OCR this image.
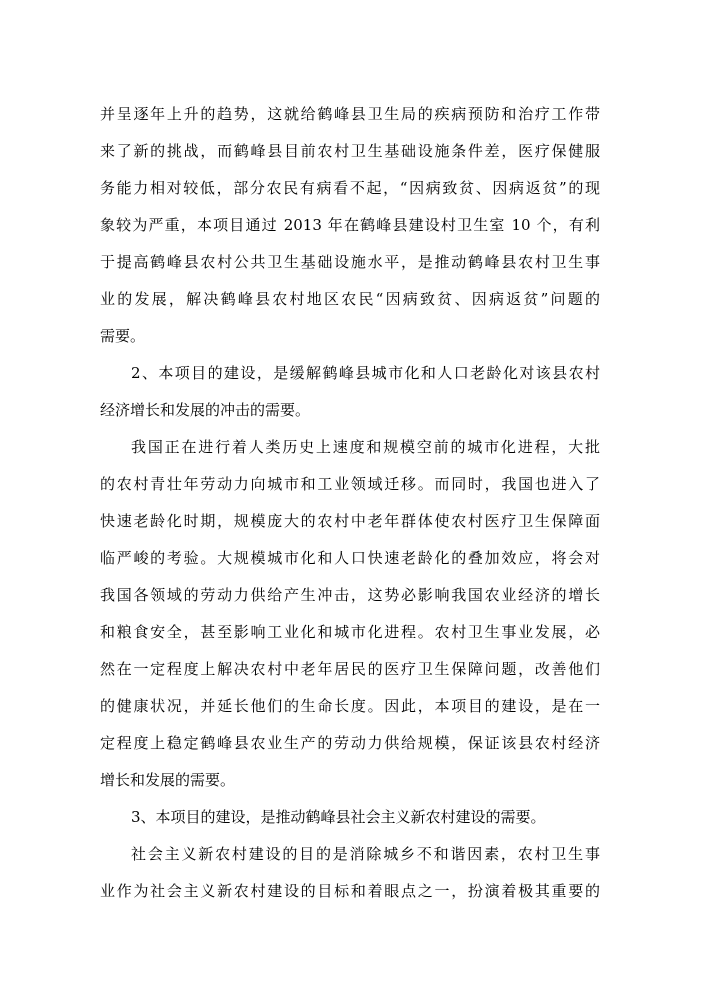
并呈逐年上升的趋势，这就给鹤峰县卫生局的疾病预防和治疗工作带
来了新的挑战，而鹤峰县目前农村卫生基础设施条件差，医疗保健服
务能力相对较低，部分农民有病看不起，“因病致贫、因病返贫”的现
象较为严重，本项目通过 2013 年在鹤峰县建设村卫生室 10 个，有利
于提高鹤峰县农村公共卫生基础设施水平，是推动鹤峰县农村卫生事
业的发展，解决鹤峰县农村地区农民“因病致贫、因病返贫”问题的
需要。
2、本项目的建设，是缓解鹤峰县城市化和人口老龄化对该县农村
经济增长和发展的冲击的需要。
我国正在进行着人类历史上速度和规模空前的城市化进程，大批
的农村青壮年劳动力向城市和工业领域迁移。而同时，我国也进入了
快速老龄化时期，规模庞大的农村中老年群体使农村医疗卫生保障面
临严峻的考验。大规模城市化和人口快速老龄化的叠加效应，将会对
我国各领域的劳动力供给产生冲击，这势必影响我国农业经济的增长
和粮食安全，甚至影响工业化和城市化进程。农村卫生事业发展，必
然在一定程度上解决农村中老年居民的医疗卫生保障问题，改善他们
的健康状况，并延长他们的生命长度。因此，本项目的建设，是在一
定程度上稳定鹤峰县农业生产的劳动力供给规模，保证该县农村经济
增长和发展的需要。
3、本项目的建设，是推动鹤峰县社会主义新农村建设的需要。
社会主义新农村建设的目的是消除城乡不和谐因素，农村卫生事
业作为社会主义新农村建设的目标和着眼点之一，扮演着极其重要的
